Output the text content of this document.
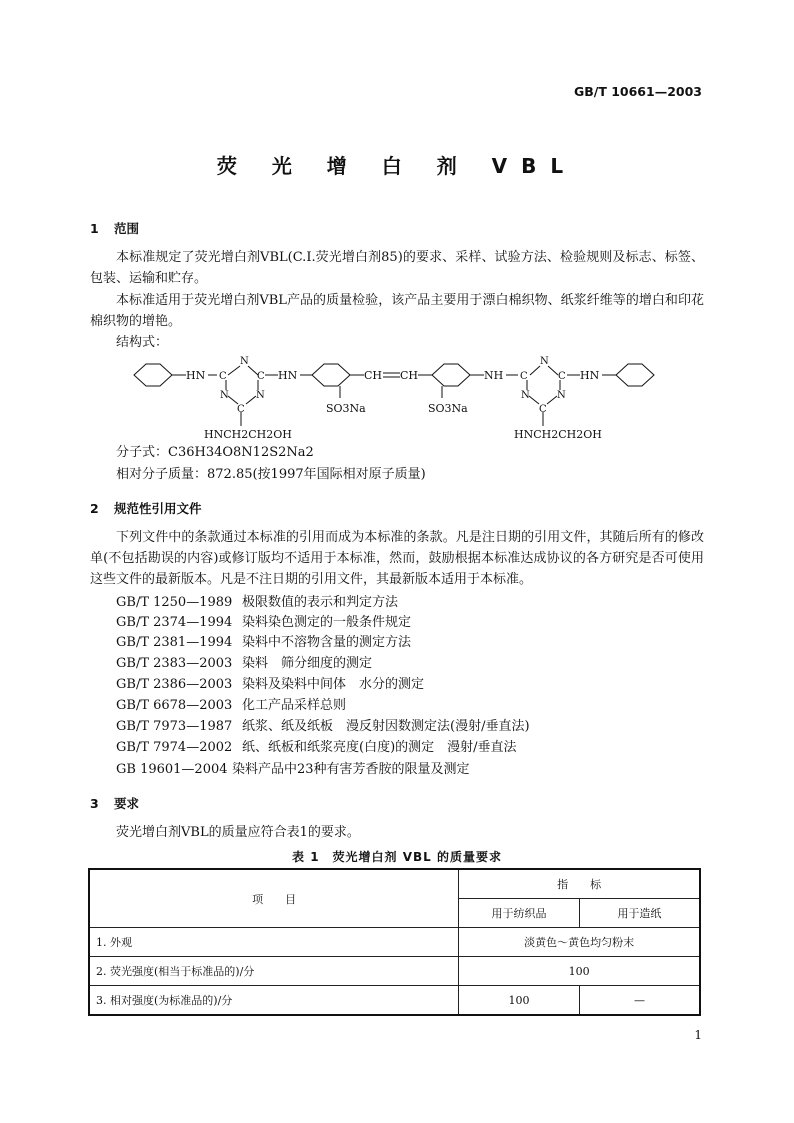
GB/T 10661—2003
荧 光 增 白 剂 VBL
1 范围
本标准规定了荧光增白剂VBL(C.I.荧光增白剂85)的要求、采样、试验方法、检验规则及标志、标签、包装、运输和贮存。
本标准适用于荧光增白剂VBL产品的质量检验，该产品主要用于漂白棉织物、纸浆纤维等的增白和印花棉织物的增艳。
结构式：
HN
N
C	C
N	N
C
HN	CH CH	NH
N
C	C
N	N
C
HN
SO3Na	SO3Na
HNCH2CH2OH	HNCH2CH2OH
分子式：C36H34O8N12S2Na2
相对分子质量：872.85(按1997年国际相对原子质量)
2 规范性引用文件
下列文件中的条款通过本标准的引用而成为本标准的条款。凡是注日期的引用文件，其随后所有的修改单(不包括勘误的内容)或修订版均不适用于本标准，然而，鼓励根据本标准达成协议的各方研究是否可使用这些文件的最新版本。凡是不注日期的引用文件，其最新版本适用于本标准。
GB/T 1250—1989 极限数值的表示和判定方法
GB/T 2374—1994 染料染色测定的一般条件规定
GB/T 2381—1994 染料中不溶物含量的测定方法
GB/T 2383—2003 染料　筛分细度的测定
GB/T 2386—2003 染料及染料中间体　水分的测定
GB/T 6678—2003 化工产品采样总则
GB/T 7973—1987 纸浆、纸及纸板　漫反射因数测定法(漫射/垂直法)
GB/T 7974—2002 纸、纸板和纸浆亮度(白度)的测定　漫射/垂直法
GB 19601—2004 染料产品中23种有害芳香胺的限量及测定
3 要求
荧光增白剂VBL的质量应符合表1的要求。
表 1　荧光增白剂 VBL 的质量要求
项　　目	指　　标	
	用于纺织品	用于造纸
1. 外观	淡黄色～黄色均匀粉末	
2. 荧光强度(相当于标准品的)/分	100	
3. 相对强度(为标准品的)/分	100	—
1
